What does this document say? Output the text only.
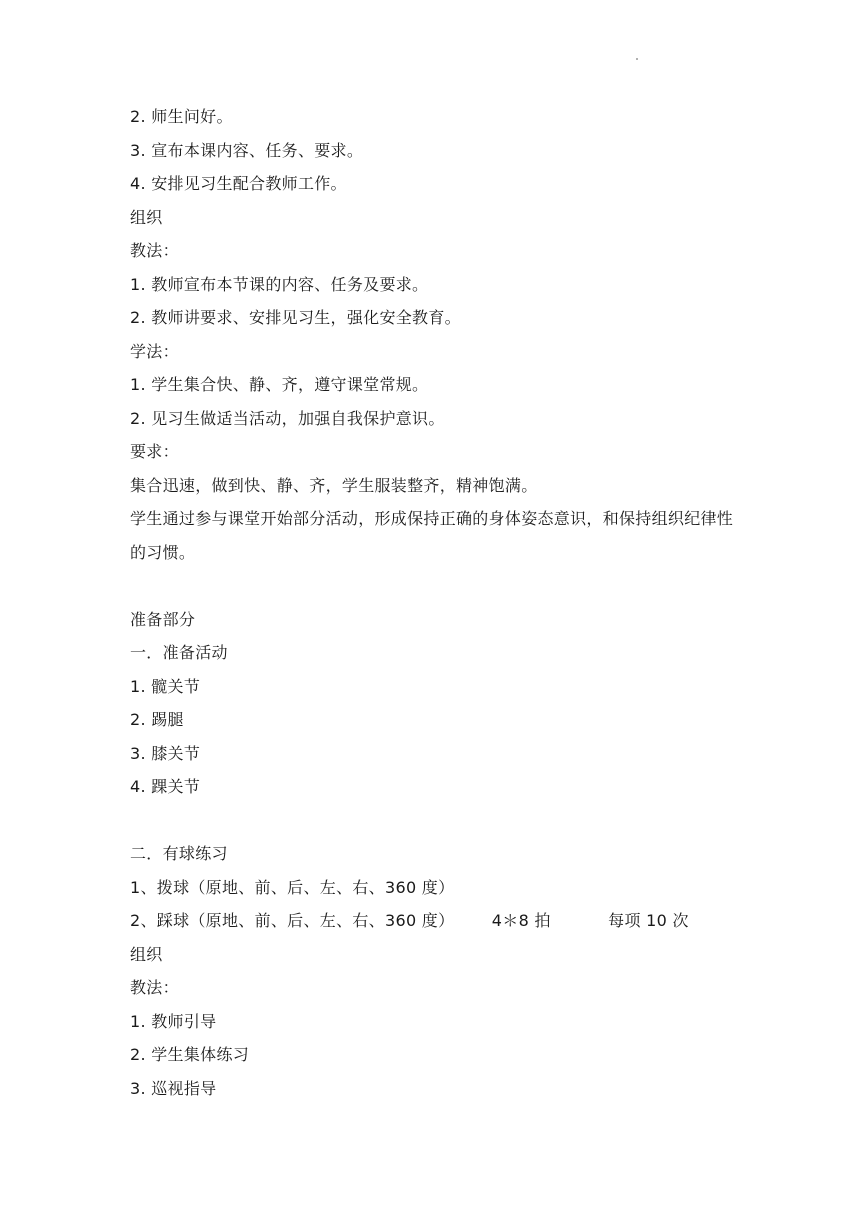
2. 师生问好。
3. 宣布本课内容、任务、要求。
4. 安排见习生配合教师工作。
组织
教法：
1. 教师宣布本节课的内容、任务及要求。
2. 教师讲要求、安排见习生，强化安全教育。
学法：
1. 学生集合快、静、齐，遵守课堂常规。
2. 见习生做适当活动，加强自我保护意识。
要求：
集合迅速，做到快、静、齐，学生服装整齐，精神饱满。
学生通过参与课堂开始部分活动，形成保持正确的身体姿态意识，和保持组织纪律性的习惯。
准备部分
一．准备活动
1. 髋关节
2. 踢腿
3. 膝关节
4. 踝关节
二．有球练习
1、拨球（原地、前、后、左、右、360 度）
2、踩球（原地、前、后、左、右、360 度） 4＊8 拍	每项 10 次
组织
教法：
1. 教师引导
2. 学生集体练习
3. 巡视指导
